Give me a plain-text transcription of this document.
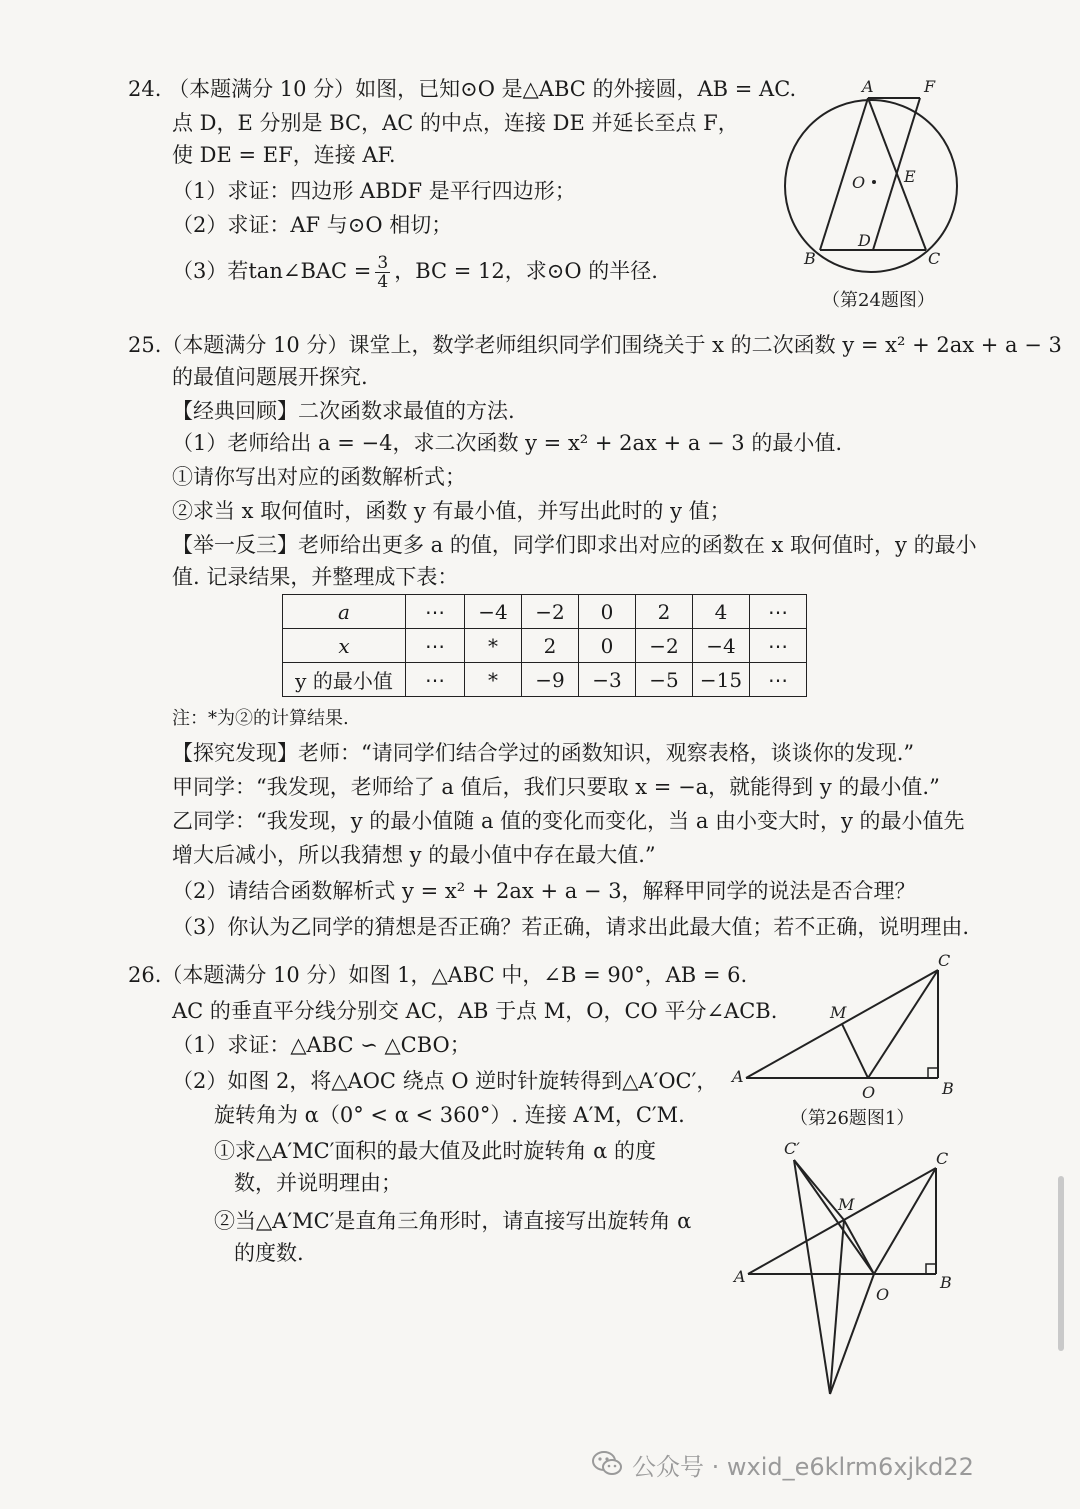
24. （本题满分 10 分）如图，已知⊙O 是△ABC 的外接圆，AB = AC.
点 D，E 分别是 BC，AC 的中点，连接 DE 并延长至点 F，
使 DE = EF，连接 AF.
（1）求证：四边形 ABDF 是平行四边形；
（2）求证：AF 与⊙O 相切；
（3）若tan∠BAC = $\frac{3}{4}$ ，BC = 12，求⊙O 的半径.
A	F
O E
D
B	C
（第24题图）
25.（本题满分 10 分）课堂上，数学老师组织同学们围绕关于 x 的二次函数 y = x² + 2ax + a − 3
的最值问题展开探究.
【经典回顾】二次函数求最值的方法.
（1）老师给出 a = −4，求二次函数 y = x² + 2ax + a − 3 的最小值.
①请你写出对应的函数解析式；
②求当 x 取何值时，函数 y 有最小值，并写出此时的 y 值；
【举一反三】老师给出更多 a 的值，同学们即求出对应的函数在 x 取何值时，y 的最小
值. 记录结果，并整理成下表：
a	⋯	−4	−2	0	2	4	⋯
x	⋯	*	2	0	−2	−4	⋯
y 的最小值	⋯	*	−9	−3	−5	−15	⋯
注：*为②的计算结果.
【探究发现】老师：“请同学们结合学过的函数知识，观察表格，谈谈你的发现.”
甲同学：“我发现，老师给了 a 值后，我们只要取 x = −a，就能得到 y 的最小值.”
乙同学：“我发现，y 的最小值随 a 值的变化而变化，当 a 由小变大时，y 的最小值先
增大后减小，所以我猜想 y 的最小值中存在最大值.”
（2）请结合函数解析式 y = x² + 2ax + a − 3，解释甲同学的说法是否合理？
（3）你认为乙同学的猜想是否正确？若正确，请求出此最大值；若不正确，说明理由.
26.（本题满分 10 分）如图 1，△ABC 中，∠B = 90°，AB = 6.
AC 的垂直平分线分别交 AC，AB 于点 M，O，CO 平分∠ACB.
（1）求证：△ABC ∽ △CBO；
（2）如图 2，将△AOC 绕点 O 逆时针旋转得到△A′OC′，
旋转角为 α（0° < α < 360°）. 连接 A′M，C′M.
①求△A′MC′面积的最大值及此时旋转角 α 的度
数，并说明理由；
②当△A′MC′是直角三角形时，请直接写出旋转角 α
的度数.
C
M
A
O	B
（第26题图1）
C′
C
M
A
O
B
公众号 · wxid_e6klrm6xjkd22
